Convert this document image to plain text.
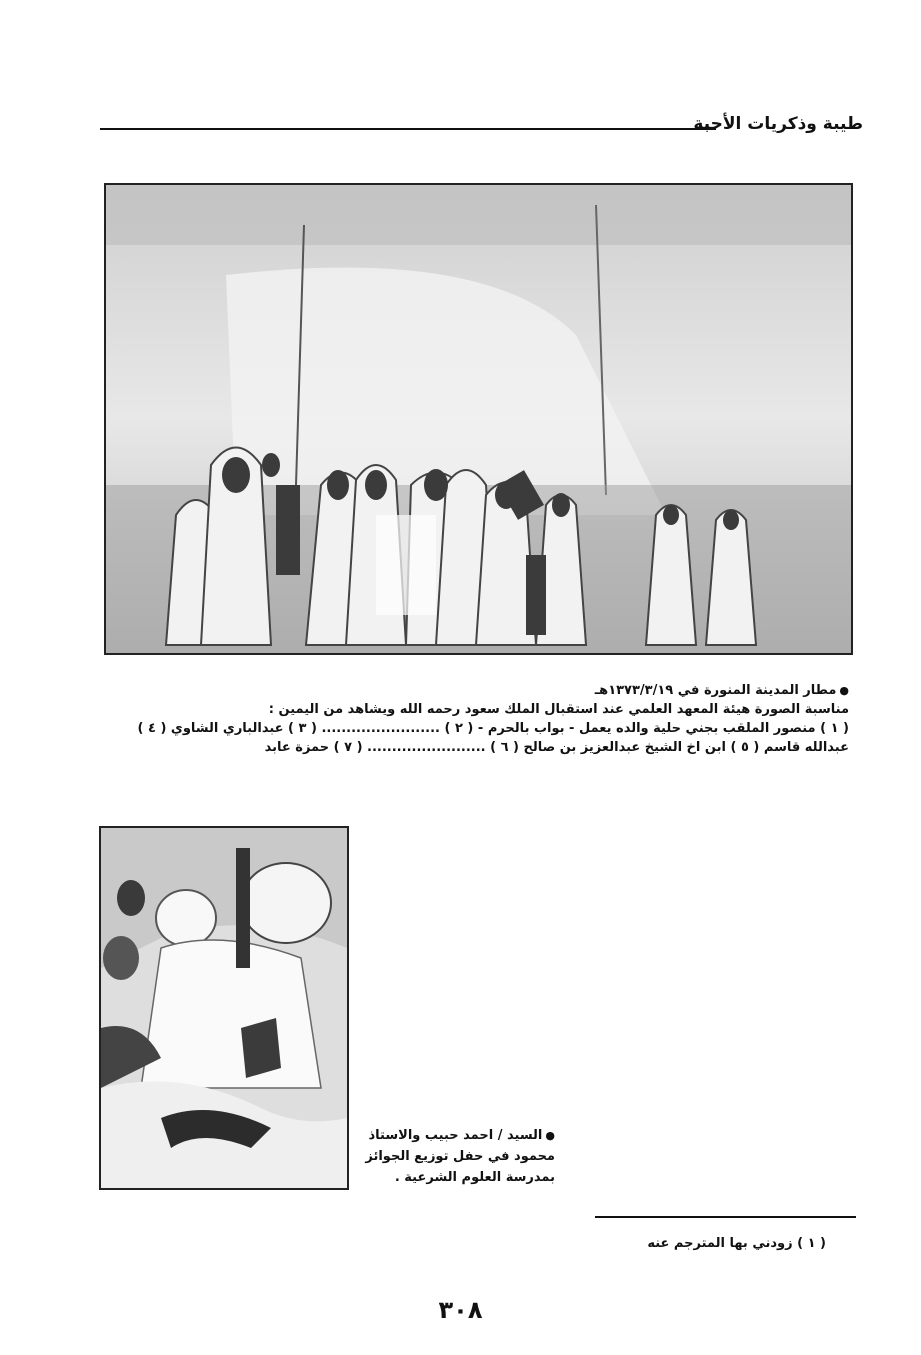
طيبة وذكريات الأحبة
●مطار المدينة المنورة في ١٣٧٣/٣/١٩هـ
مناسبة الصورة هيئة المعهد العلمي عند استقبال الملك سعود رحمه الله ويشاهد من اليمين :
( ١ ) منصور الملقب بجني حلية والده يعمل - بواب بالحرم - ( ٢ ) ........................ ( ٣ ) عبدالباري الشاوي ( ٤ )
عبدالله قاسم ( ٥ ) ابن اخ الشيخ عبدالعزيز بن صالح ( ٦ ) ........................ ( ٧ ) حمزة عابد
●السيد / احمد حبيب والاستاذ
محمود في حفل توزيع الجوائز
بمدرسة العلوم الشرعية .
( ١ ) زودني بها المترجم عنه
٣٠٨
